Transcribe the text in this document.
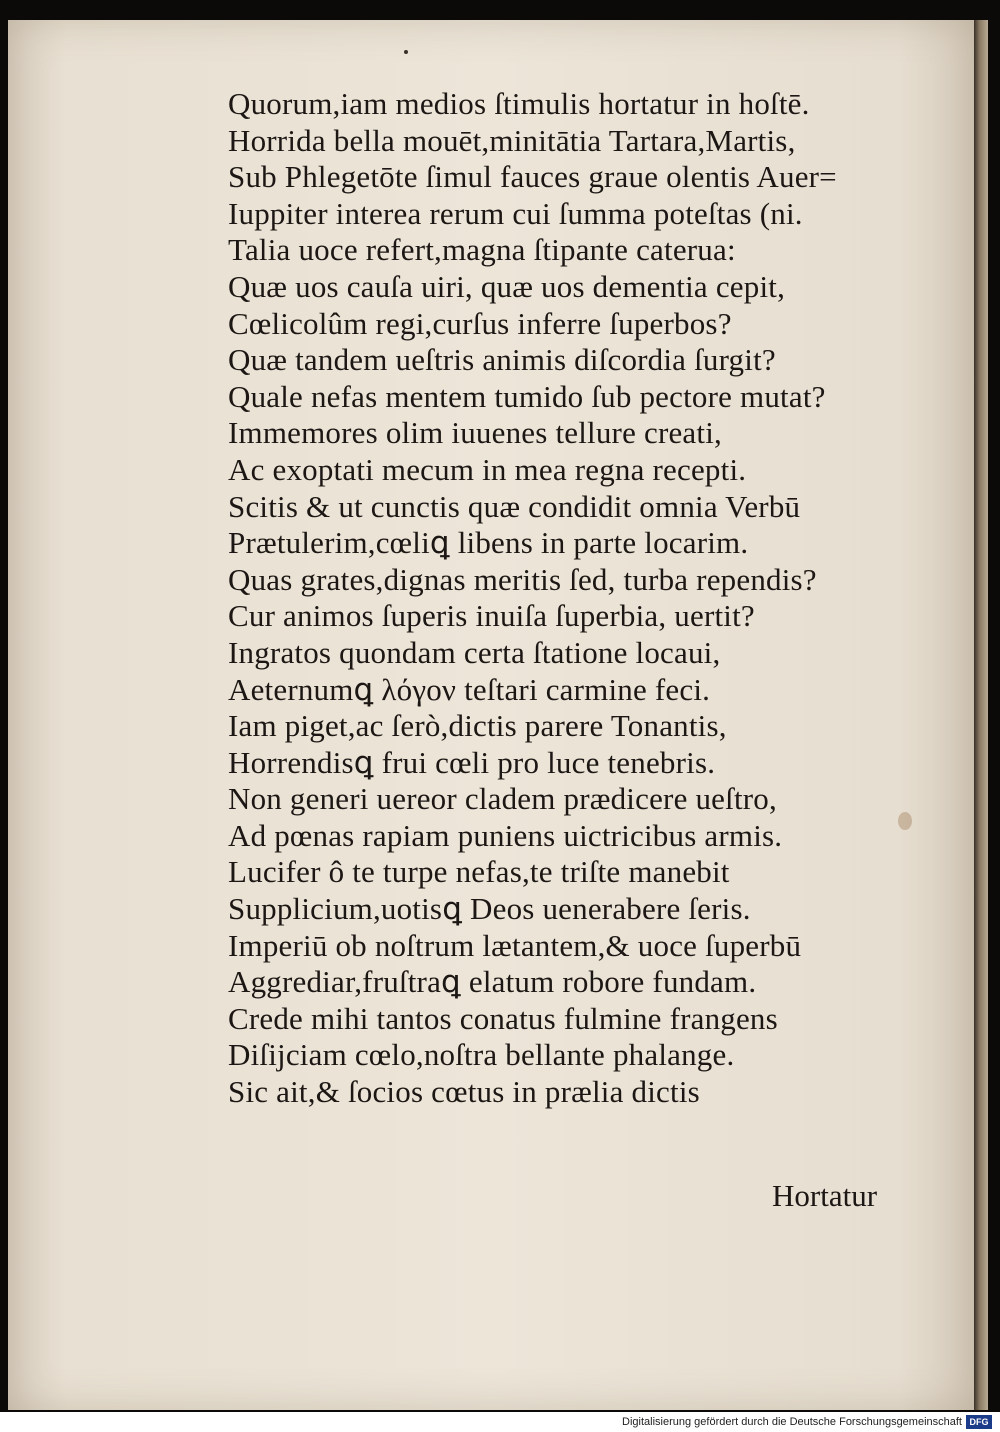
Quorum,iam medios ſtimulis hortatur in hoſtē.
Horrida bella mouēt,minitātia Tartara,Martis,
Sub Phlegetōte ſimul fauces graue olentis Auer=
Iuppiter interea rerum cui ſumma poteſtas (ni.
Talia uoce refert,magna ſtipante caterua:
Quæ uos cauſa uiri, quæ uos dementia cepit,
Cœlicolûm regi,curſus inferre ſuperbos?
Quæ tandem ueſtris animis diſcordia ſurgit?
Quale nefas mentem tumido ſub pectore mutat?
Immemores olim iuuenes tellure creati,
Ac exoptati mecum in mea regna recepti.
Scitis & ut cunctis quæ condidit omnia Verbū
Prætulerim,cœliꝗ libens in parte locarim.
Quas grates,dignas meritis ſed, turba rependis?
Cur animos ſuperis inuiſa ſuperbia, uertit?
Ingratos quondam certa ſtatione locaui,
Aeternumꝗ λόγον teſtari carmine feci.
Iam piget,ac ſerò,dictis parere Tonantis,
Horrendisꝗ frui cœli pro luce tenebris.
Non generi uereor cladem prædicere ueſtro,
Ad pœnas rapiam puniens uictricibus armis.
Lucifer ô te turpe nefas,te triſte manebit
Supplicium,uotisꝗ Deos uenerabere ſeris.
Imperiū ob noſtrum lætantem,& uoce ſuperbū
Aggrediar,fruſtraꝗ elatum robore fundam.
Crede mihi tantos conatus fulmine frangens
Diſijciam cœlo,noſtra bellante phalange.
Sic ait,& ſocios cœtus in prælia dictis
Hortatur
Digitalisierung gefördert durch die Deutsche Forschungsgemeinschaft DFG
